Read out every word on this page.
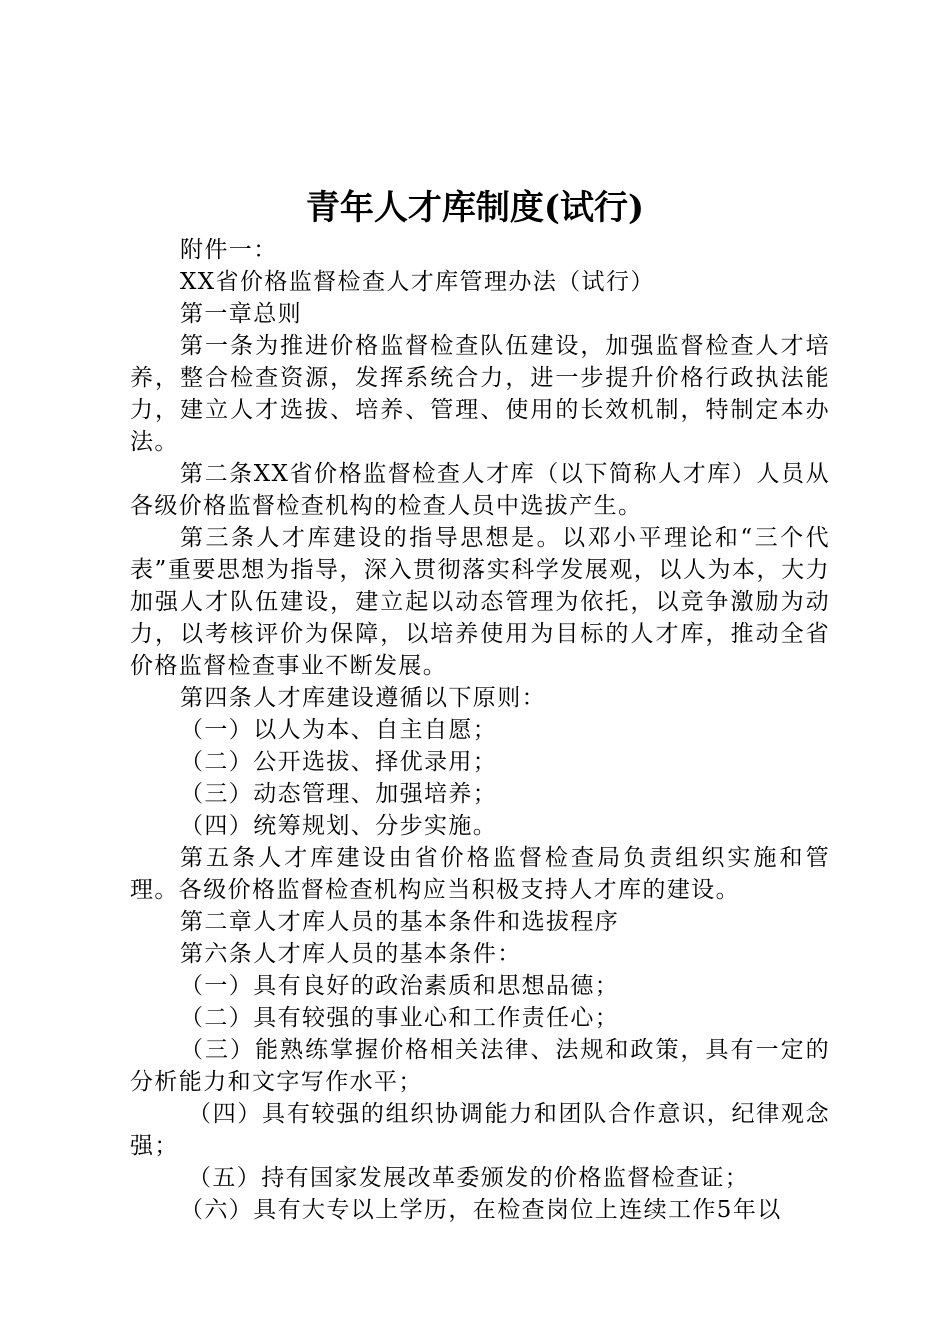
青年人才库制度(试行)

附件一：

XX省价格监督检查人才库管理办法（试行）

第一章总则

第一条为推进价格监督检查队伍建设，加强监督检查人才培养，整合检查资源，发挥系统合力，进一步提升价格行政执法能力，建立人才选拔、培养、管理、使用的长效机制，特制定本办法。

第二条XX省价格监督检查人才库（以下简称人才库）人员从各级价格监督检查机构的检查人员中选拔产生。

第三条人才库建设的指导思想是。以邓小平理论和“三个代表”重要思想为指导，深入贯彻落实科学发展观，以人为本，大力加强人才队伍建设，建立起以动态管理为依托，以竞争激励为动力，以考核评价为保障，以培养使用为目标的人才库，推动全省价格监督检查事业不断发展。

第四条人才库建设遵循以下原则：

（一）以人为本、自主自愿；

（二）公开选拔、择优录用；

（三）动态管理、加强培养；

（四）统筹规划、分步实施。

第五条人才库建设由省价格监督检查局负责组织实施和管理。各级价格监督检查机构应当积极支持人才库的建设。

第二章人才库人员的基本条件和选拔程序

第六条人才库人员的基本条件：

（一）具有良好的政治素质和思想品德；

（二）具有较强的事业心和工作责任心；

（三）能熟练掌握价格相关法律、法规和政策，具有一定的分析能力和文字写作水平；

（四）具有较强的组织协调能力和团队合作意识，纪律观念强；

（五）持有国家发展改革委颁发的价格监督检查证；

（六）具有大专以上学历，在检查岗位上连续工作5年以
